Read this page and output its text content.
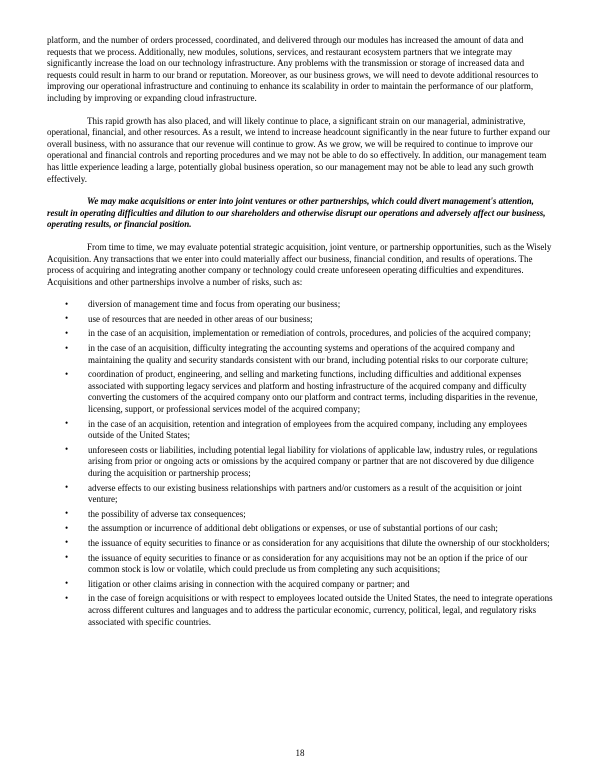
platform, and the number of orders processed, coordinated, and delivered through our modules has increased the amount of data and requests that we process. Additionally, new modules, solutions, services, and restaurant ecosystem partners that we integrate may significantly increase the load on our technology infrastructure. Any problems with the transmission or storage of increased data and requests could result in harm to our brand or reputation. Moreover, as our business grows, we will need to devote additional resources to improving our operational infrastructure and continuing to enhance its scalability in order to maintain the performance of our platform, including by improving or expanding cloud infrastructure.

This rapid growth has also placed, and will likely continue to place, a significant strain on our managerial, administrative, operational, financial, and other resources. As a result, we intend to increase headcount significantly in the near future to further expand our overall business, with no assurance that our revenue will continue to grow. As we grow, we will be required to continue to improve our operational and financial controls and reporting procedures and we may not be able to do so effectively. In addition, our management team has little experience leading a large, potentially global business operation, so our management may not be able to lead any such growth effectively.

We may make acquisitions or enter into joint ventures or other partnerships, which could divert management's attention, result in operating difficulties and dilution to our shareholders and otherwise disrupt our operations and adversely affect our business, operating results, or financial position.

From time to time, we may evaluate potential strategic acquisition, joint venture, or partnership opportunities, such as the Wisely Acquisition. Any transactions that we enter into could materially affect our business, financial condition, and results of operations. The process of acquiring and integrating another company or technology could create unforeseen operating difficulties and expenditures. Acquisitions and other partnerships involve a number of risks, such as:

• diversion of management time and focus from operating our business;
• use of resources that are needed in other areas of our business;
• in the case of an acquisition, implementation or remediation of controls, procedures, and policies of the acquired company;
• in the case of an acquisition, difficulty integrating the accounting systems and operations of the acquired company and maintaining the quality and security standards consistent with our brand, including potential risks to our corporate culture;
• coordination of product, engineering, and selling and marketing functions, including difficulties and additional expenses associated with supporting legacy services and platform and hosting infrastructure of the acquired company and difficulty converting the customers of the acquired company onto our platform and contract terms, including disparities in the revenue, licensing, support, or professional services model of the acquired company;
• in the case of an acquisition, retention and integration of employees from the acquired company, including any employees outside of the United States;
• unforeseen costs or liabilities, including potential legal liability for violations of applicable law, industry rules, or regulations arising from prior or ongoing acts or omissions by the acquired company or partner that are not discovered by due diligence during the acquisition or partnership process;
• adverse effects to our existing business relationships with partners and/or customers as a result of the acquisition or joint venture;
• the possibility of adverse tax consequences;
• the assumption or incurrence of additional debt obligations or expenses, or use of substantial portions of our cash;
• the issuance of equity securities to finance or as consideration for any acquisitions that dilute the ownership of our stockholders;
• the issuance of equity securities to finance or as consideration for any acquisitions may not be an option if the price of our common stock is low or volatile, which could preclude us from completing any such acquisitions;
• litigation or other claims arising in connection with the acquired company or partner; and
• in the case of foreign acquisitions or with respect to employees located outside the United States, the need to integrate operations across different cultures and languages and to address the particular economic, currency, political, legal, and regulatory risks associated with specific countries.
18
